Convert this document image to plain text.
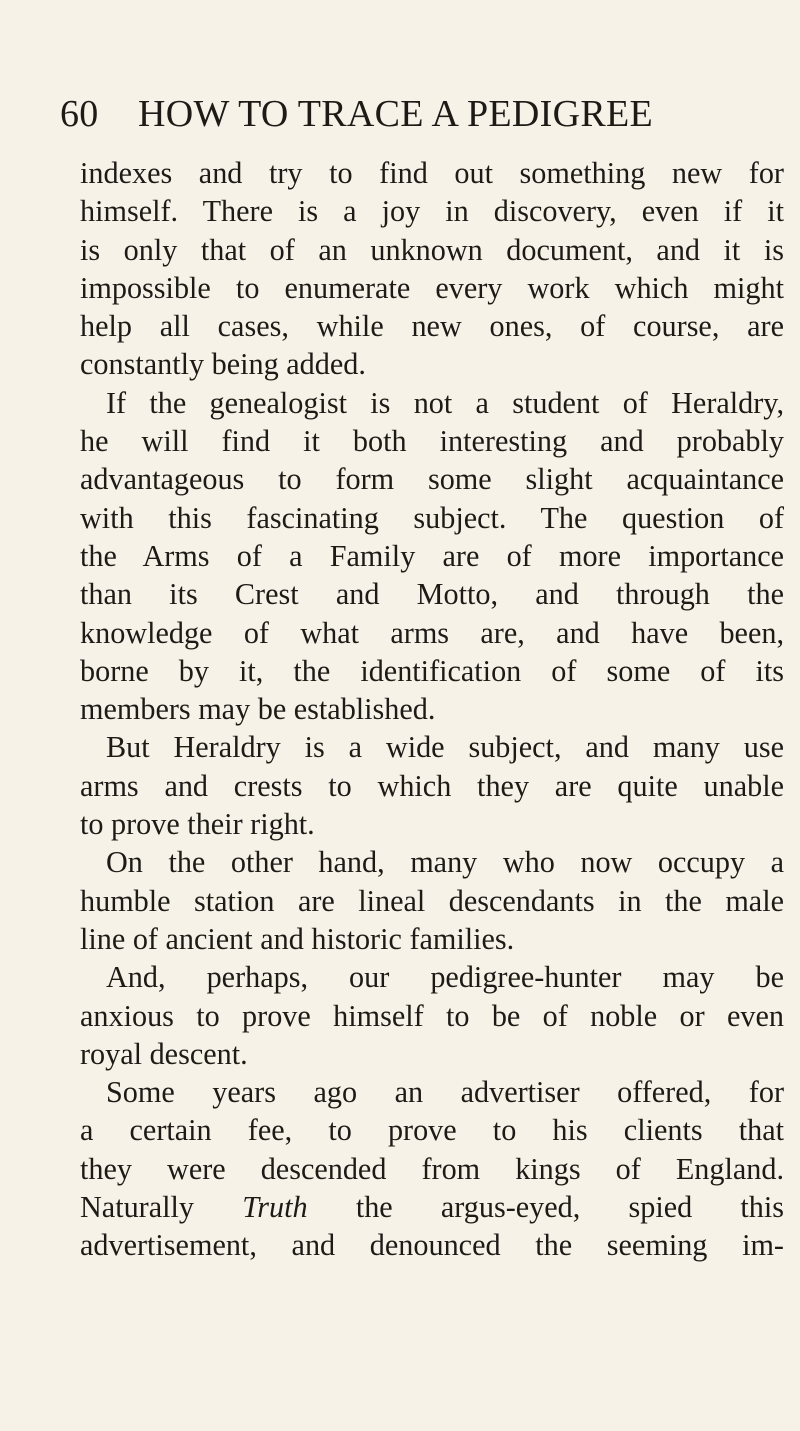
60 HOW TO TRACE A PEDIGREE
indexes and try to find out something new for
himself. There is a joy in discovery, even if it
is only that of an unknown document, and it is
impossible to enumerate every work which might
help all cases, while new ones, of course, are
constantly being added.
If the genealogist is not a student of Heraldry,
he will find it both interesting and probably
advantageous to form some slight acquaintance
with this fascinating subject. The question of
the Arms of a Family are of more importance
than its Crest and Motto, and through the
knowledge of what arms are, and have been,
borne by it, the identification of some of its
members may be established.
But Heraldry is a wide subject, and many use
arms and crests to which they are quite unable
to prove their right.
On the other hand, many who now occupy a
humble station are lineal descendants in the male
line of ancient and historic families.
And, perhaps, our pedigree-hunter may be
anxious to prove himself to be of noble or even
royal descent.
Some years ago an advertiser offered, for
a certain fee, to prove to his clients that
they were descended from kings of England.
Naturally Truth the argus-eyed, spied this
advertisement, and denounced the seeming im-
